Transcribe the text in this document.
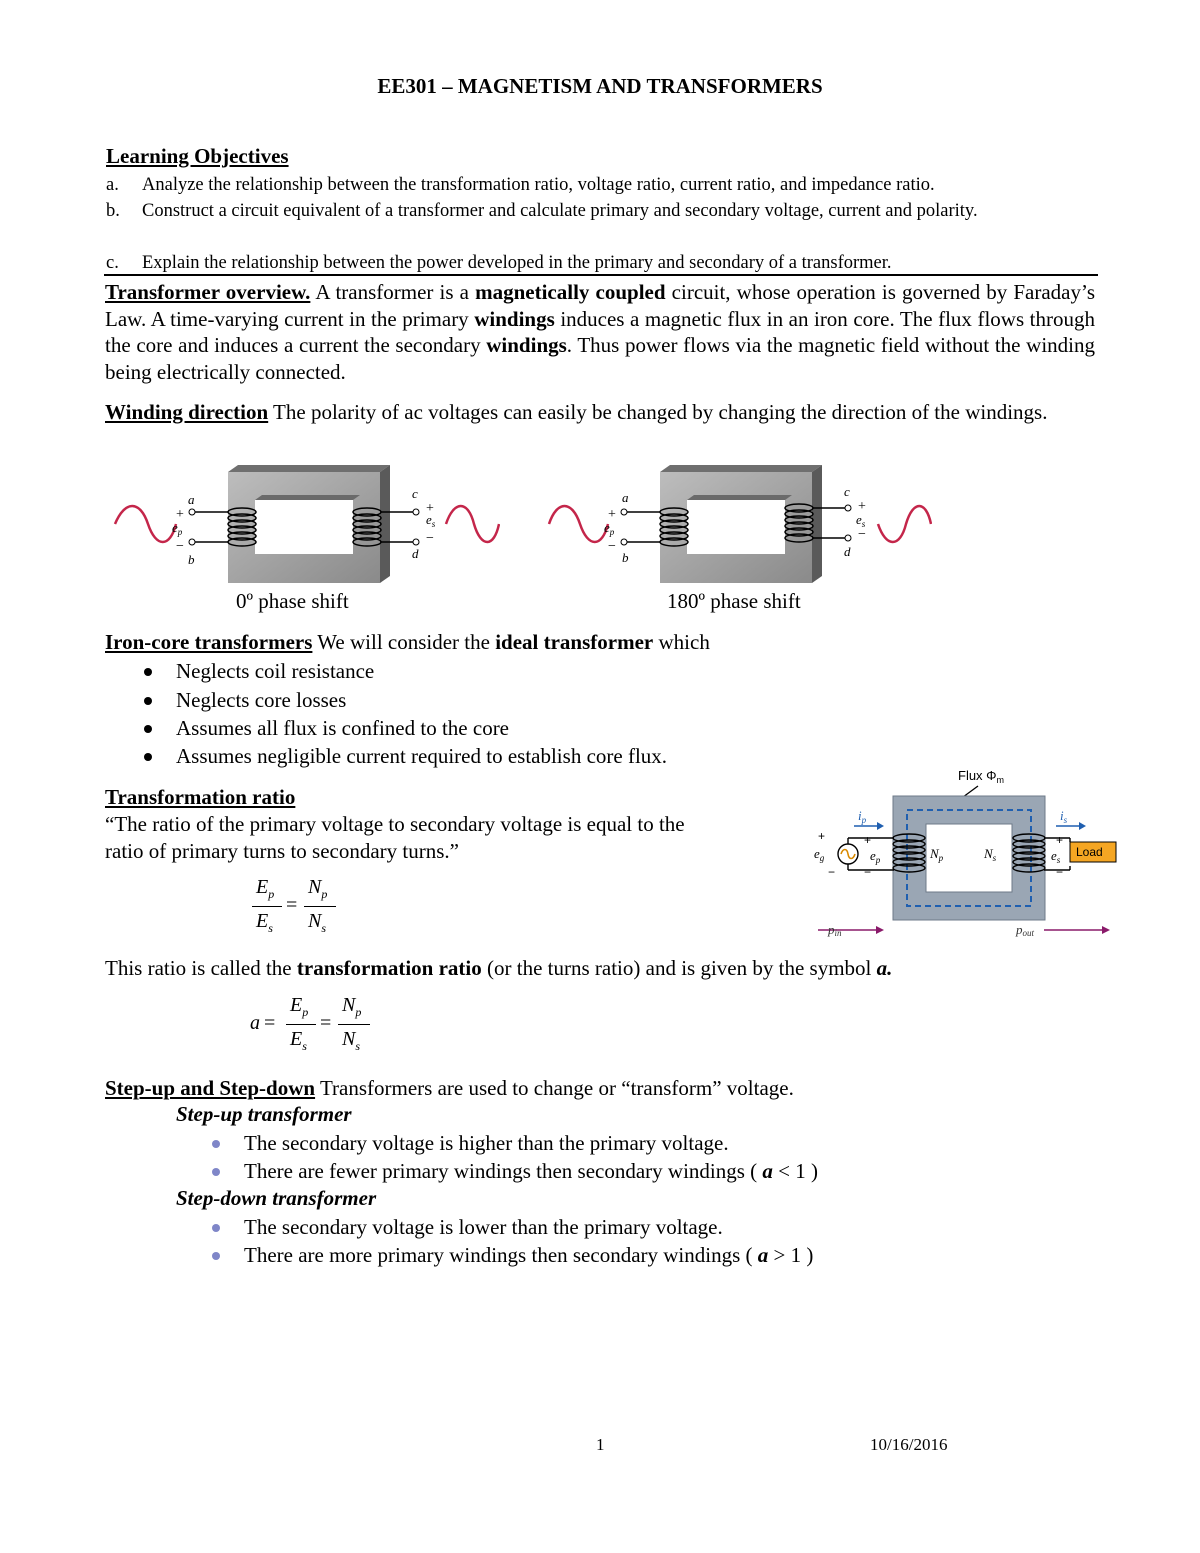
EE301 – MAGNETISM AND TRANSFORMERS
Learning Objectives
a. Analyze the relationship between the transformation ratio, voltage ratio, current ratio, and impedance ratio.
b. Construct a circuit equivalent of a transformer and calculate primary and secondary voltage, current and polarity.
c. Explain the relationship between the power developed in the primary and secondary of a transformer.
Transformer overview. A transformer is a magnetically coupled circuit, whose operation is governed by Faraday’s Law. A time-varying current in the primary windings induces a magnetic flux in an iron core. The flux flows through the core and induces a current the secondary windings. Thus power flows via the magnetic field without the winding being electrically connected.
Winding direction The polarity of ac voltages can easily be changed by changing the direction of the windings.
a
b
c
d
$e_p$
$e_s$
+
−
+
−
0º phase shift
a
b
c
d
$e_p$
$e_s$
+
−
+
−
180º phase shift
Iron-core transformers We will consider the ideal transformer which
Neglects coil resistance
Neglects core losses
Assumes all flux is confined to the core
Assumes negligible current required to establish core flux.
Transformation ratio
“The ratio of the primary voltage to secondary voltage is equal to the
ratio of primary turns to secondary turns.”
$E_p$
$E_s$
=
$N_p$
$N_s$
Flux $\Phi_m$
$i_p$	$i_s$
$e_g$	$e_p$	$e_s$
$N_p$	$N_s$
pin	pout
Load
+
−
+
−
+
−
This ratio is called the transformation ratio (or the turns ratio) and is given by the symbol a.
a =
$E_p$
$E_s$
=
$N_p$
$N_s$
Step-up and Step-down Transformers are used to change or “transform” voltage.
Step-up transformer
The secondary voltage is higher than the primary voltage.
There are fewer primary windings then secondary windings ( a < 1 )
Step-down transformer
The secondary voltage is lower than the primary voltage.
There are more primary windings then secondary windings ( a > 1 )
1	10/16/2016
